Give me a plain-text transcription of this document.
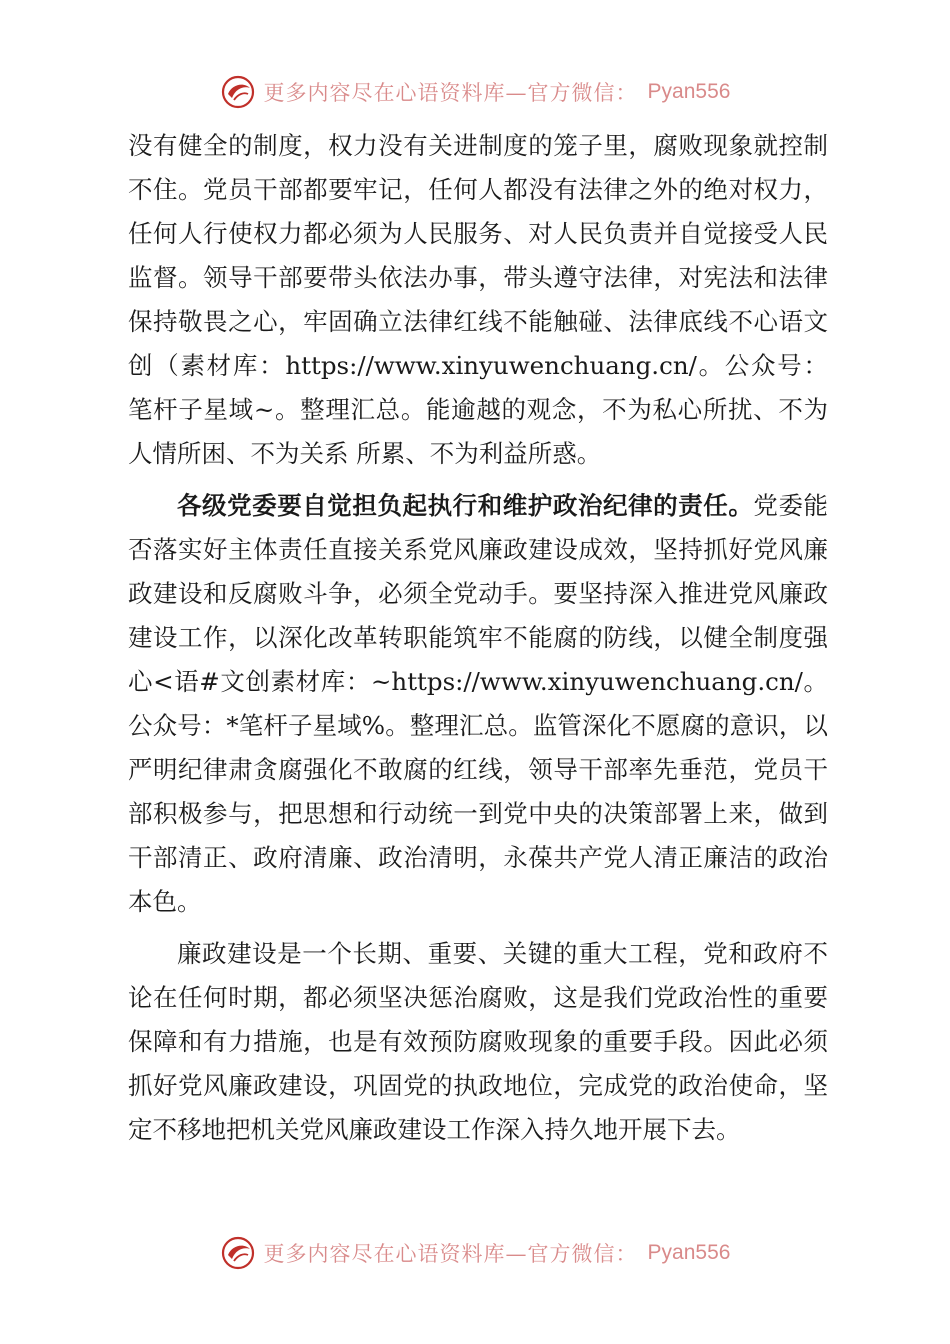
更多内容尽在心语资料库—官方微信： Pyan556

没有健全的制度，权力没有关进制度的笼子里，腐败现象就控制不住。党员干部都要牢记，任何人都没有法律之外的绝对权力，任何人行使权力都必须为人民服务、对人民负责并自觉接受人民监督。领导干部要带头依法办事，带头遵守法律，对宪法和法律保持敬畏之心，牢固确立法律红线不能触碰、法律底线不心语文创（素材库：https://www.xinyuwenchuang.cn/。公众号：笔杆子星域~。整理汇总。能逾越的观念，不为私心所扰、不为人情所困、不为关系 所累、不为利益所惑。

各级党委要自觉担负起执行和维护政治纪律的责任。党委能否落实好主体责任直接关系党风廉政建设成效，坚持抓好党风廉政建设和反腐败斗争，必须全党动手。要坚持深入推进党风廉政建设工作，以深化改革转职能筑牢不能腐的防线，以健全制度强心<语#文创素材库：~https://www.xinyuwenchuang.cn/。公众号：*笔杆子星域%。整理汇总。监管深化不愿腐的意识，以严明纪律肃贪腐强化不敢腐的红线，领导干部率先垂范，党员干部积极参与，把思想和行动统一到党中央的决策部署上来，做到干部清正、政府清廉、政治清明，永葆共产党人清正廉洁的政治本色。

廉政建设是一个长期、重要、关键的重大工程，党和政府不论在任何时期，都必须坚决惩治腐败，这是我们党政治性的重要保障和有力措施，也是有效预防腐败现象的重要手段。因此必须抓好党风廉政建设，巩固党的执政地位，完成党的政治使命，坚定不移地把机关党风廉政建设工作深入持久地开展下去。

更多内容尽在心语资料库—官方微信： Pyan556
